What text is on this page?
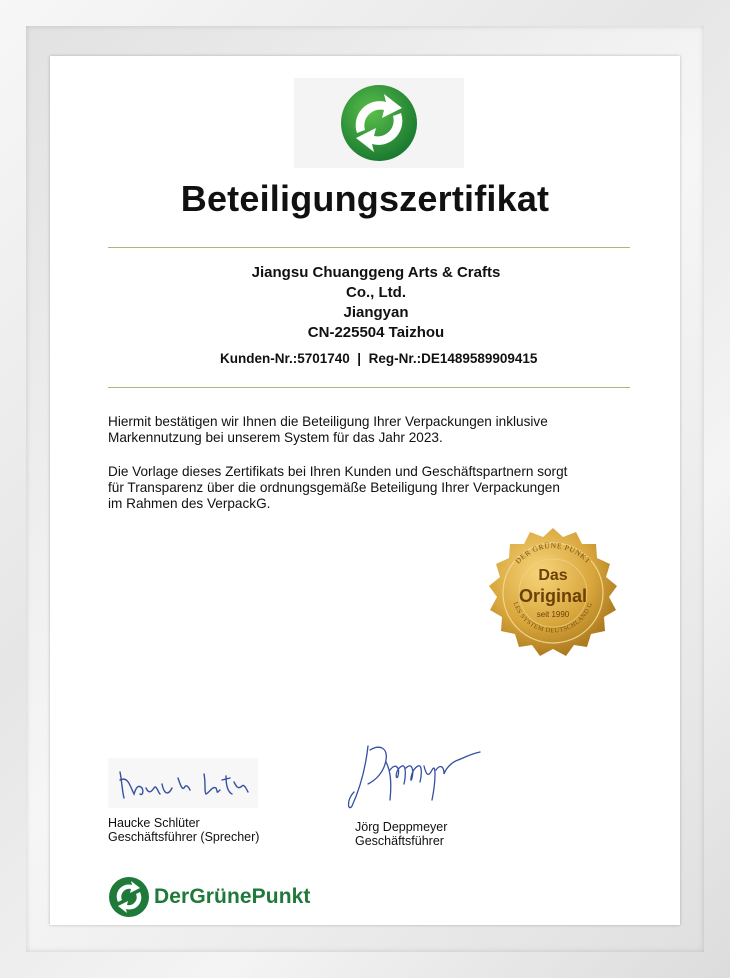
Beteiligungszertifikat
Jiangsu Chuanggeng Arts & Crafts
Co., Ltd.
Jiangyan
CN-225504 Taizhou
Kunden-Nr.:5701740  |  Reg-Nr.:DE1489589909415
Hiermit bestätigen wir Ihnen die Beteiligung Ihrer Verpackungen inklusive
Markennutzung bei unserem System für das Jahr 2023.
Die Vorlage dieses Zertifikats bei Ihren Kunden und Geschäftspartnern sorgt
für Transparenz über die ordnungsgemäße Beteiligung Ihrer Verpackungen
im Rahmen des VerpackG.
DER GRÜNE PUNKT
LES SYSTEM DEUTSCHLAND G
Das
Original
seit 1990
Haucke Schlüter
Geschäftsführer (Sprecher)
Jörg Deppmeyer
Geschäftsführer
DerGrünePunkt
